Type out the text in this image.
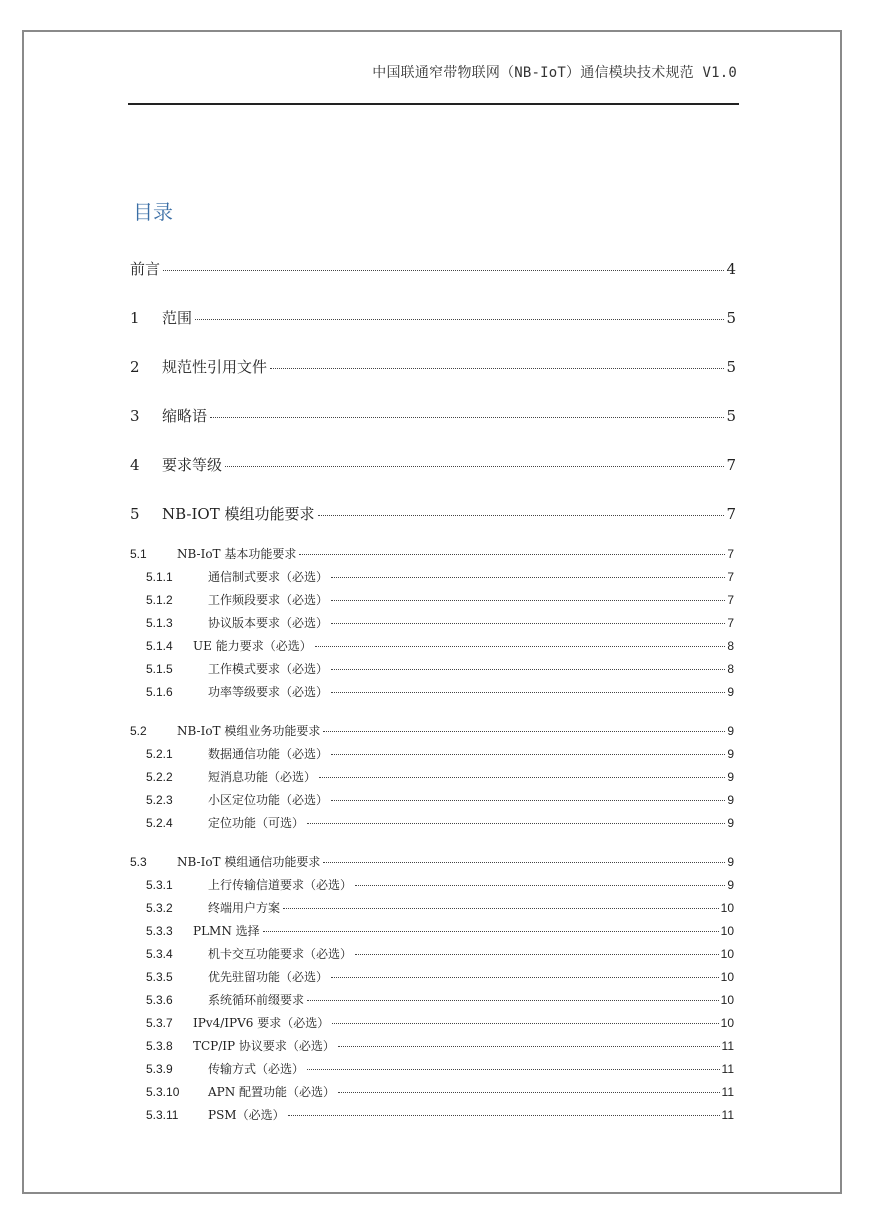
中国联通窄带物联网（NB-IoT）通信模块技术规范 V1.0
目录
前言	4
1	范围	5
2	规范性引用文件	5
3	缩略语	5
4	要求等级	7
5	NB-IOT 模组功能要求	7
5.1	NB-IoT 基本功能要求	7
5.1.1	通信制式要求（必选）	7
5.1.2	工作频段要求（必选）	7
5.1.3	协议版本要求（必选）	7
5.1.4	UE 能力要求（必选）	8
5.1.5	工作模式要求（必选）	8
5.1.6	功率等级要求（必选）	9
5.2	NB-IoT 模组业务功能要求	9
5.2.1	数据通信功能（必选）	9
5.2.2	短消息功能（必选）	9
5.2.3	小区定位功能（必选）	9
5.2.4	定位功能（可选）	9
5.3	NB-IoT 模组通信功能要求	9
5.3.1	上行传输信道要求（必选）	9
5.3.2	终端用户方案	10
5.3.3	PLMN 选择	10
5.3.4	机卡交互功能要求（必选）	10
5.3.5	优先驻留功能（必选）	10
5.3.6	系统循环前缀要求	10
5.3.7	IPv4/IPV6 要求（必选）	10
5.3.8	TCP/IP 协议要求（必选）	11
5.3.9	传输方式（必选）	11
5.3.10	APN 配置功能（必选）	11
5.3.11	PSM（必选）	11
